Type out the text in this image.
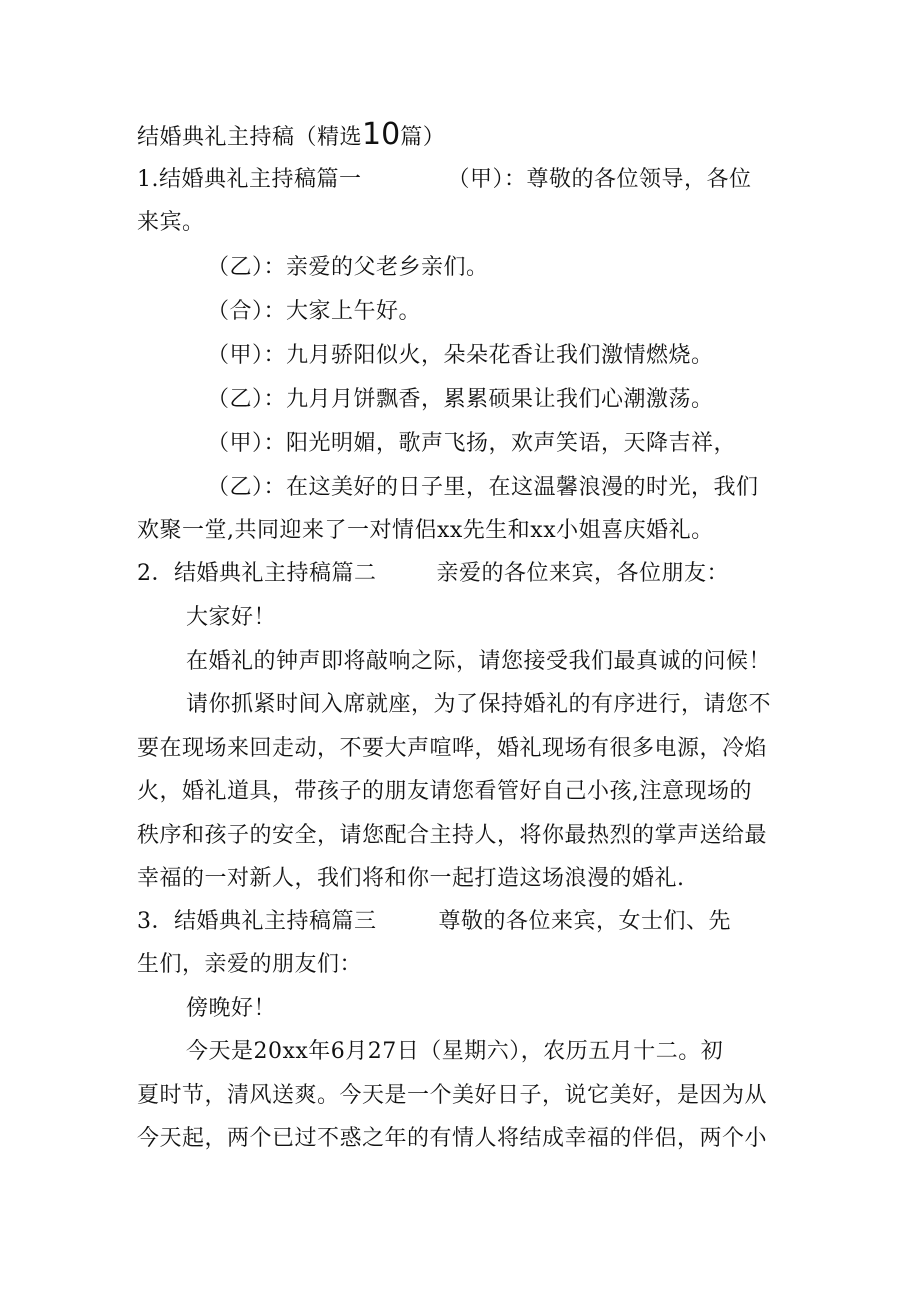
结婚典礼主持稿（精选10篇）
1.结婚典礼主持稿篇一	（甲）：尊敬的各位领导，各位
来宾。
（乙）：亲爱的父老乡亲们。
（合）：大家上午好。
（甲）：九月骄阳似火，朵朵花香让我们激情燃烧。
（乙）：九月月饼飘香，累累硕果让我们心潮激荡。
（甲）：阳光明媚，歌声飞扬，欢声笑语，天降吉祥，
（乙）：在这美好的日子里，在这温馨浪漫的时光，我们
欢聚一堂,共同迎来了一对情侣xx先生和xx小姐喜庆婚礼。
2．结婚典礼主持稿篇二	亲爱的各位来宾，各位朋友：
大家好！
在婚礼的钟声即将敲响之际，请您接受我们最真诚的问候！
请你抓紧时间入席就座，为了保持婚礼的有序进行，请您不
要在现场来回走动，不要大声喧哗，婚礼现场有很多电源，冷焰
火，婚礼道具，带孩子的朋友请您看管好自己小孩,注意现场的
秩序和孩子的安全，请您配合主持人，将你最热烈的掌声送给最
幸福的一对新人，我们将和你一起打造这场浪漫的婚礼.
3．结婚典礼主持稿篇三	尊敬的各位来宾，女士们、先
生们，亲爱的朋友们：
傍晚好！
今天是20xx年6月27日（星期六），农历五月十二。初
夏时节，清风送爽。今天是一个美好日子，说它美好，是因为从
今天起，两个已过不惑之年的有情人将结成幸福的伴侣，两个小
